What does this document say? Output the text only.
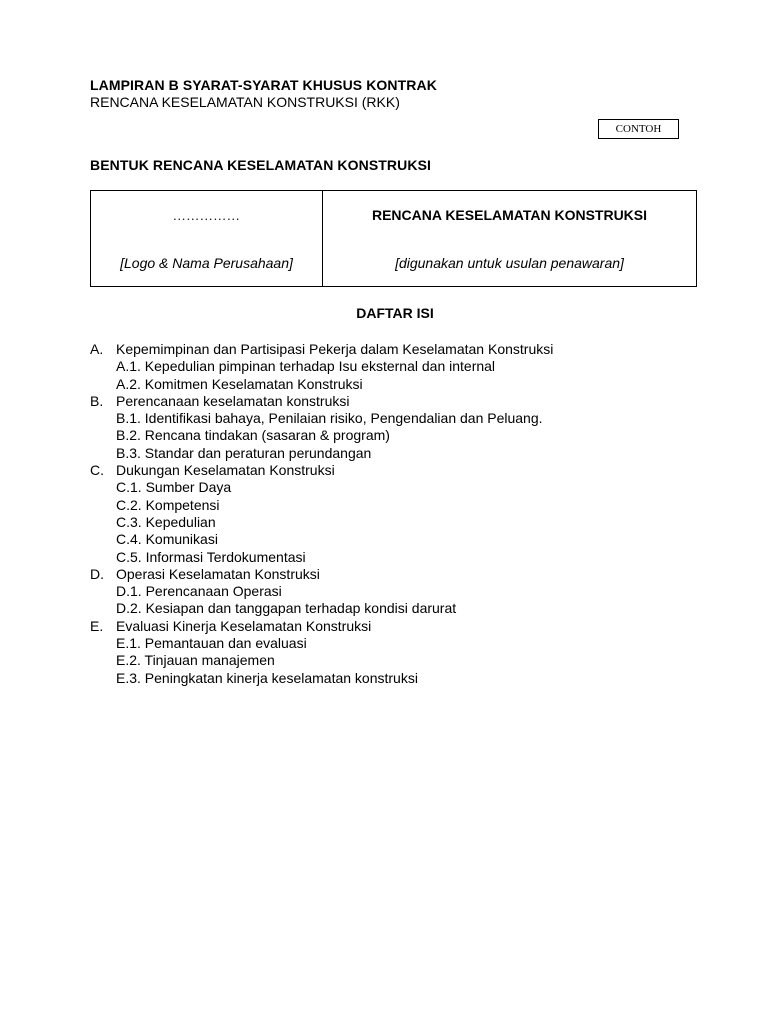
LAMPIRAN B SYARAT-SYARAT KHUSUS KONTRAK
RENCANA KESELAMATAN KONSTRUKSI (RKK)
CONTOH
BENTUK RENCANA KESELAMATAN KONSTRUKSI
……………
[Logo & Nama Perusahaan]
RENCANA KESELAMATAN KONSTRUKSI
[digunakan untuk usulan penawaran]
DAFTAR ISI
A. Kepemimpinan dan Partisipasi Pekerja dalam Keselamatan Konstruksi
A.1. Kepedulian pimpinan terhadap Isu eksternal dan internal
A.2. Komitmen Keselamatan Konstruksi
B. Perencanaan keselamatan konstruksi
B.1. Identifikasi bahaya, Penilaian risiko, Pengendalian dan Peluang.
B.2. Rencana tindakan (sasaran & program)
B.3. Standar dan peraturan perundangan
C. Dukungan Keselamatan Konstruksi
C.1. Sumber Daya
C.2. Kompetensi
C.3. Kepedulian
C.4. Komunikasi
C.5. Informasi Terdokumentasi
D. Operasi Keselamatan Konstruksi
D.1. Perencanaan Operasi
D.2. Kesiapan dan tanggapan terhadap kondisi darurat
E. Evaluasi Kinerja Keselamatan Konstruksi
E.1. Pemantauan dan evaluasi
E.2. Tinjauan manajemen
E.3. Peningkatan kinerja keselamatan konstruksi
